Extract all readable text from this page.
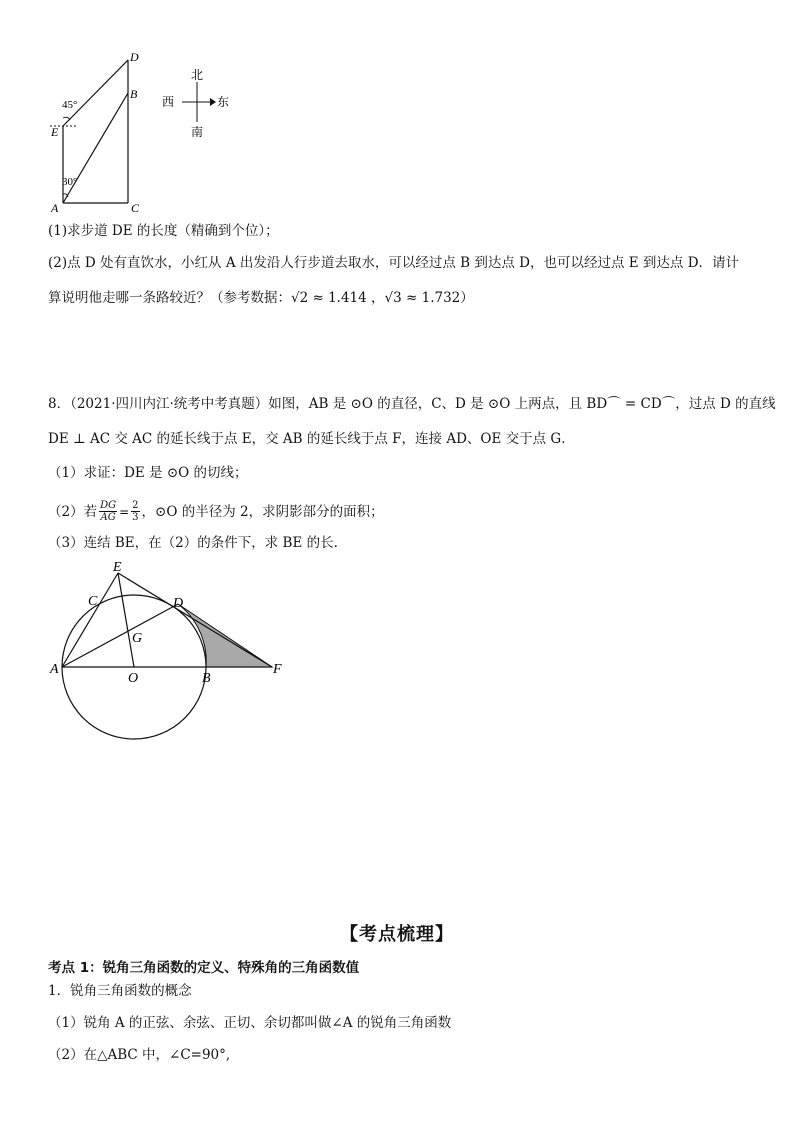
D
B
E
A	C
45°
30°
北
南
西	东
(1)求步道 DE 的长度（精确到个位）；
(2)点 D 处有直饮水，小红从 A 出发沿人行步道去取水，可以经过点 B 到达点 D，也可以经过点 E 到达点 D．请计
算说明他走哪一条路较近？（参考数据：√2 ≈ 1.414 ，√3 ≈ 1.732）
8．（2021·四川内江·统考中考真题）如图，AB 是 ⊙O 的直径，C、D 是 ⊙O 上两点，且 BD⌒ = CD⌒，过点 D 的直线
DE ⊥ AC 交 AC 的延长线于点 E，交 AB 的延长线于点 F，连接 AD、OE 交于点 G．
（1）求证：DE 是 ⊙O 的切线；
（2）若 $\frac{DG}{AG} = \frac{2}{3}$ ，⊙O 的半径为 2，求阴影部分的面积；
（3）连结 BE，在（2）的条件下，求 BE 的长.
E
C	D
G
A
O	B
F
【考点梳理】
考点 1：锐角三角函数的定义、特殊角的三角函数值
1．锐角三角函数的概念
（1）锐角 A 的正弦、余弦、正切、余切都叫做∠A 的锐角三角函数
（2）在△ABC 中，∠C=90°,
